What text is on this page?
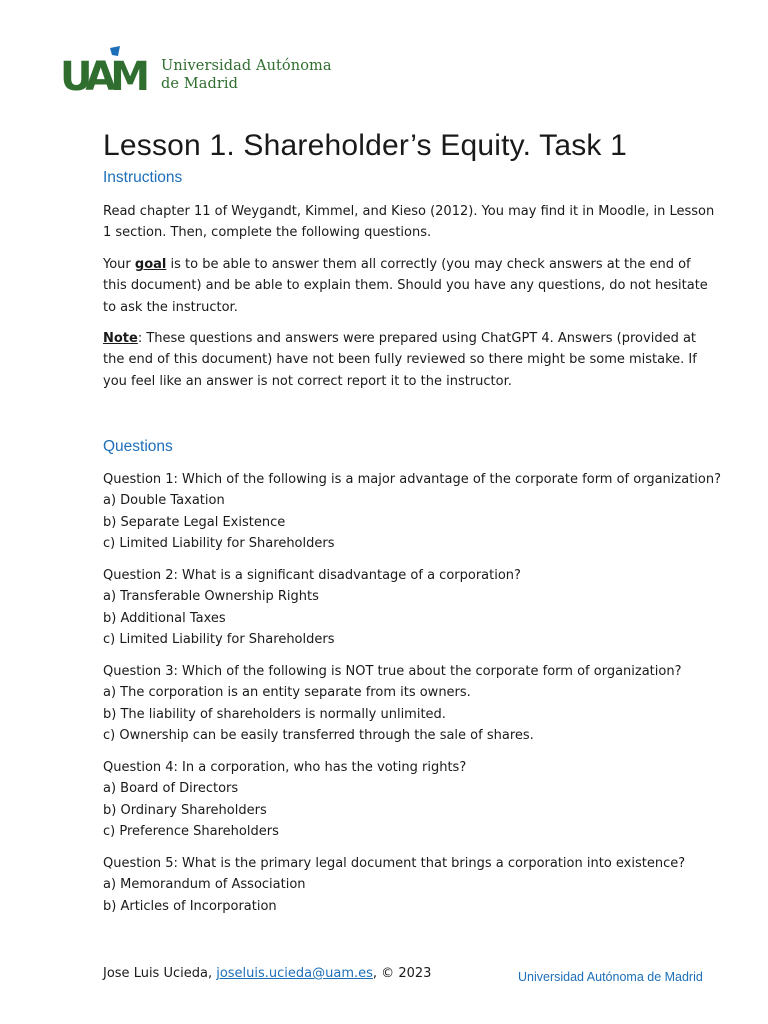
UAM Universidad Autónoma
de Madrid
Lesson 1. Shareholder’s Equity. Task 1
Instructions
Read chapter 11 of Weygandt, Kimmel, and Kieso (2012). You may find it in Moodle, in Lesson 1 section. Then, complete the following questions.
Your goal is to be able to answer them all correctly (you may check answers at the end of this document) and be able to explain them. Should you have any questions, do not hesitate to ask the instructor.
Note: These questions and answers were prepared using ChatGPT 4. Answers (provided at the end of this document) have not been fully reviewed so there might be some mistake. If you feel like an answer is not correct report it to the instructor.
Questions
Question 1: Which of the following is a major advantage of the corporate form of organization?
a) Double Taxation
b) Separate Legal Existence
c) Limited Liability for Shareholders
Question 2: What is a significant disadvantage of a corporation?
a) Transferable Ownership Rights
b) Additional Taxes
c) Limited Liability for Shareholders
Question 3: Which of the following is NOT true about the corporate form of organization?
a) The corporation is an entity separate from its owners.
b) The liability of shareholders is normally unlimited.
c) Ownership can be easily transferred through the sale of shares.
Question 4: In a corporation, who has the voting rights?
a) Board of Directors
b) Ordinary Shareholders
c) Preference Shareholders
Question 5: What is the primary legal document that brings a corporation into existence?
a) Memorandum of Association
b) Articles of Incorporation
Jose Luis Ucieda, joseluis.ucieda@uam.es, © 2023	Universidad Autónoma de Madrid
